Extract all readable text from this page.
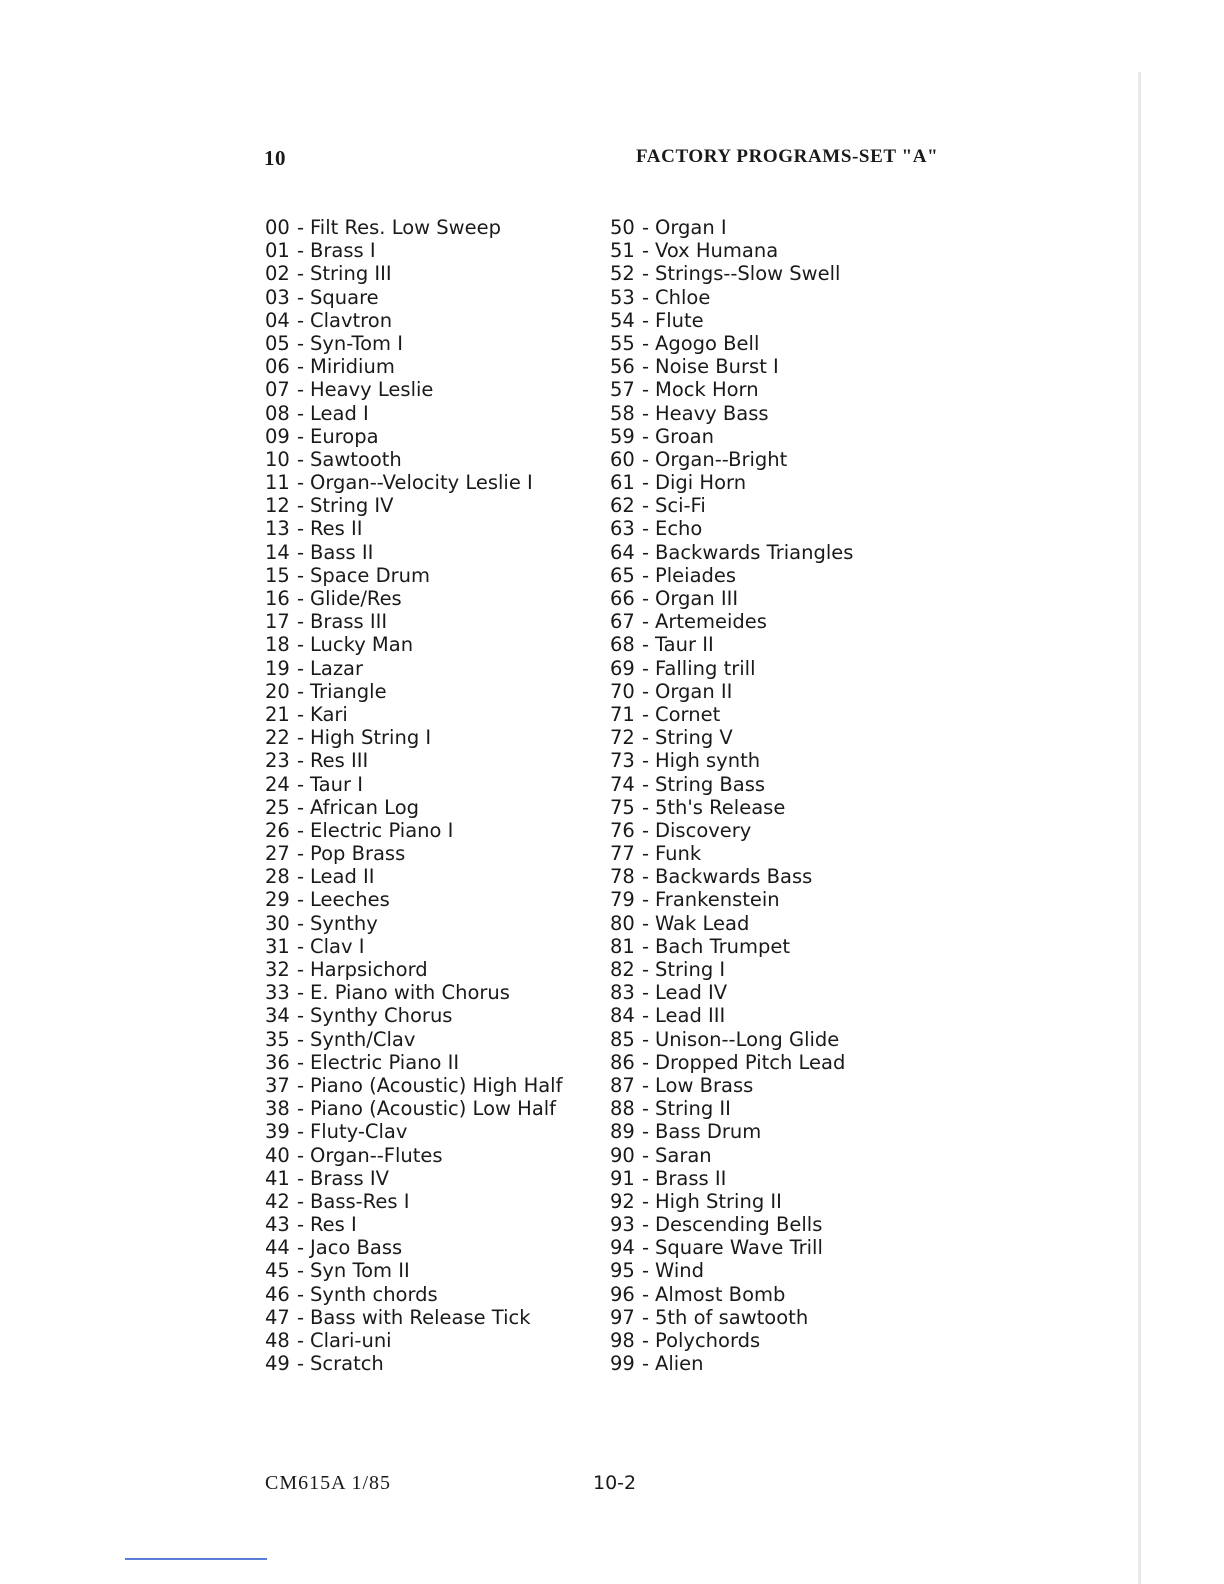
10	FACTORY PROGRAMS-SET "A"
00 - Filt Res. Low Sweep
01 - Brass I
02 - String III
03 - Square
04 - Clavtron
05 - Syn-Tom I
06 - Miridium
07 - Heavy Leslie
08 - Lead I
09 - Europa
10 - Sawtooth
11 - Organ--Velocity Leslie I
12 - String IV
13 - Res II
14 - Bass II
15 - Space Drum
16 - Glide/Res
17 - Brass III
18 - Lucky Man
19 - Lazar
20 - Triangle
21 - Kari
22 - High String I
23 - Res III
24 - Taur I
25 - African Log
26 - Electric Piano I
27 - Pop Brass
28 - Lead II
29 - Leeches
30 - Synthy
31 - Clav I
32 - Harpsichord
33 - E. Piano with Chorus
34 - Synthy Chorus
35 - Synth/Clav
36 - Electric Piano II
37 - Piano (Acoustic) High Half
38 - Piano (Acoustic) Low Half
39 - Fluty-Clav
40 - Organ--Flutes
41 - Brass IV
42 - Bass-Res I
43 - Res I
44 - Jaco Bass
45 - Syn Tom II
46 - Synth chords
47 - Bass with Release Tick
48 - Clari-uni
49 - Scratch
50 - Organ I
51 - Vox Humana
52 - Strings--Slow Swell
53 - Chloe
54 - Flute
55 - Agogo Bell
56 - Noise Burst I
57 - Mock Horn
58 - Heavy Bass
59 - Groan
60 - Organ--Bright
61 - Digi Horn
62 - Sci-Fi
63 - Echo
64 - Backwards Triangles
65 - Pleiades
66 - Organ III
67 - Artemeides
68 - Taur II
69 - Falling trill
70 - Organ II
71 - Cornet
72 - String V
73 - High synth
74 - String Bass
75 - 5th's Release
76 - Discovery
77 - Funk
78 - Backwards Bass
79 - Frankenstein
80 - Wak Lead
81 - Bach Trumpet
82 - String I
83 - Lead IV
84 - Lead III
85 - Unison--Long Glide
86 - Dropped Pitch Lead
87 - Low Brass
88 - String II
89 - Bass Drum
90 - Saran
91 - Brass II
92 - High String II
93 - Descending Bells
94 - Square Wave Trill
95 - Wind
96 - Almost Bomb
97 - 5th of sawtooth
98 - Polychords
99 - Alien
CM615A 1/85	10-2
